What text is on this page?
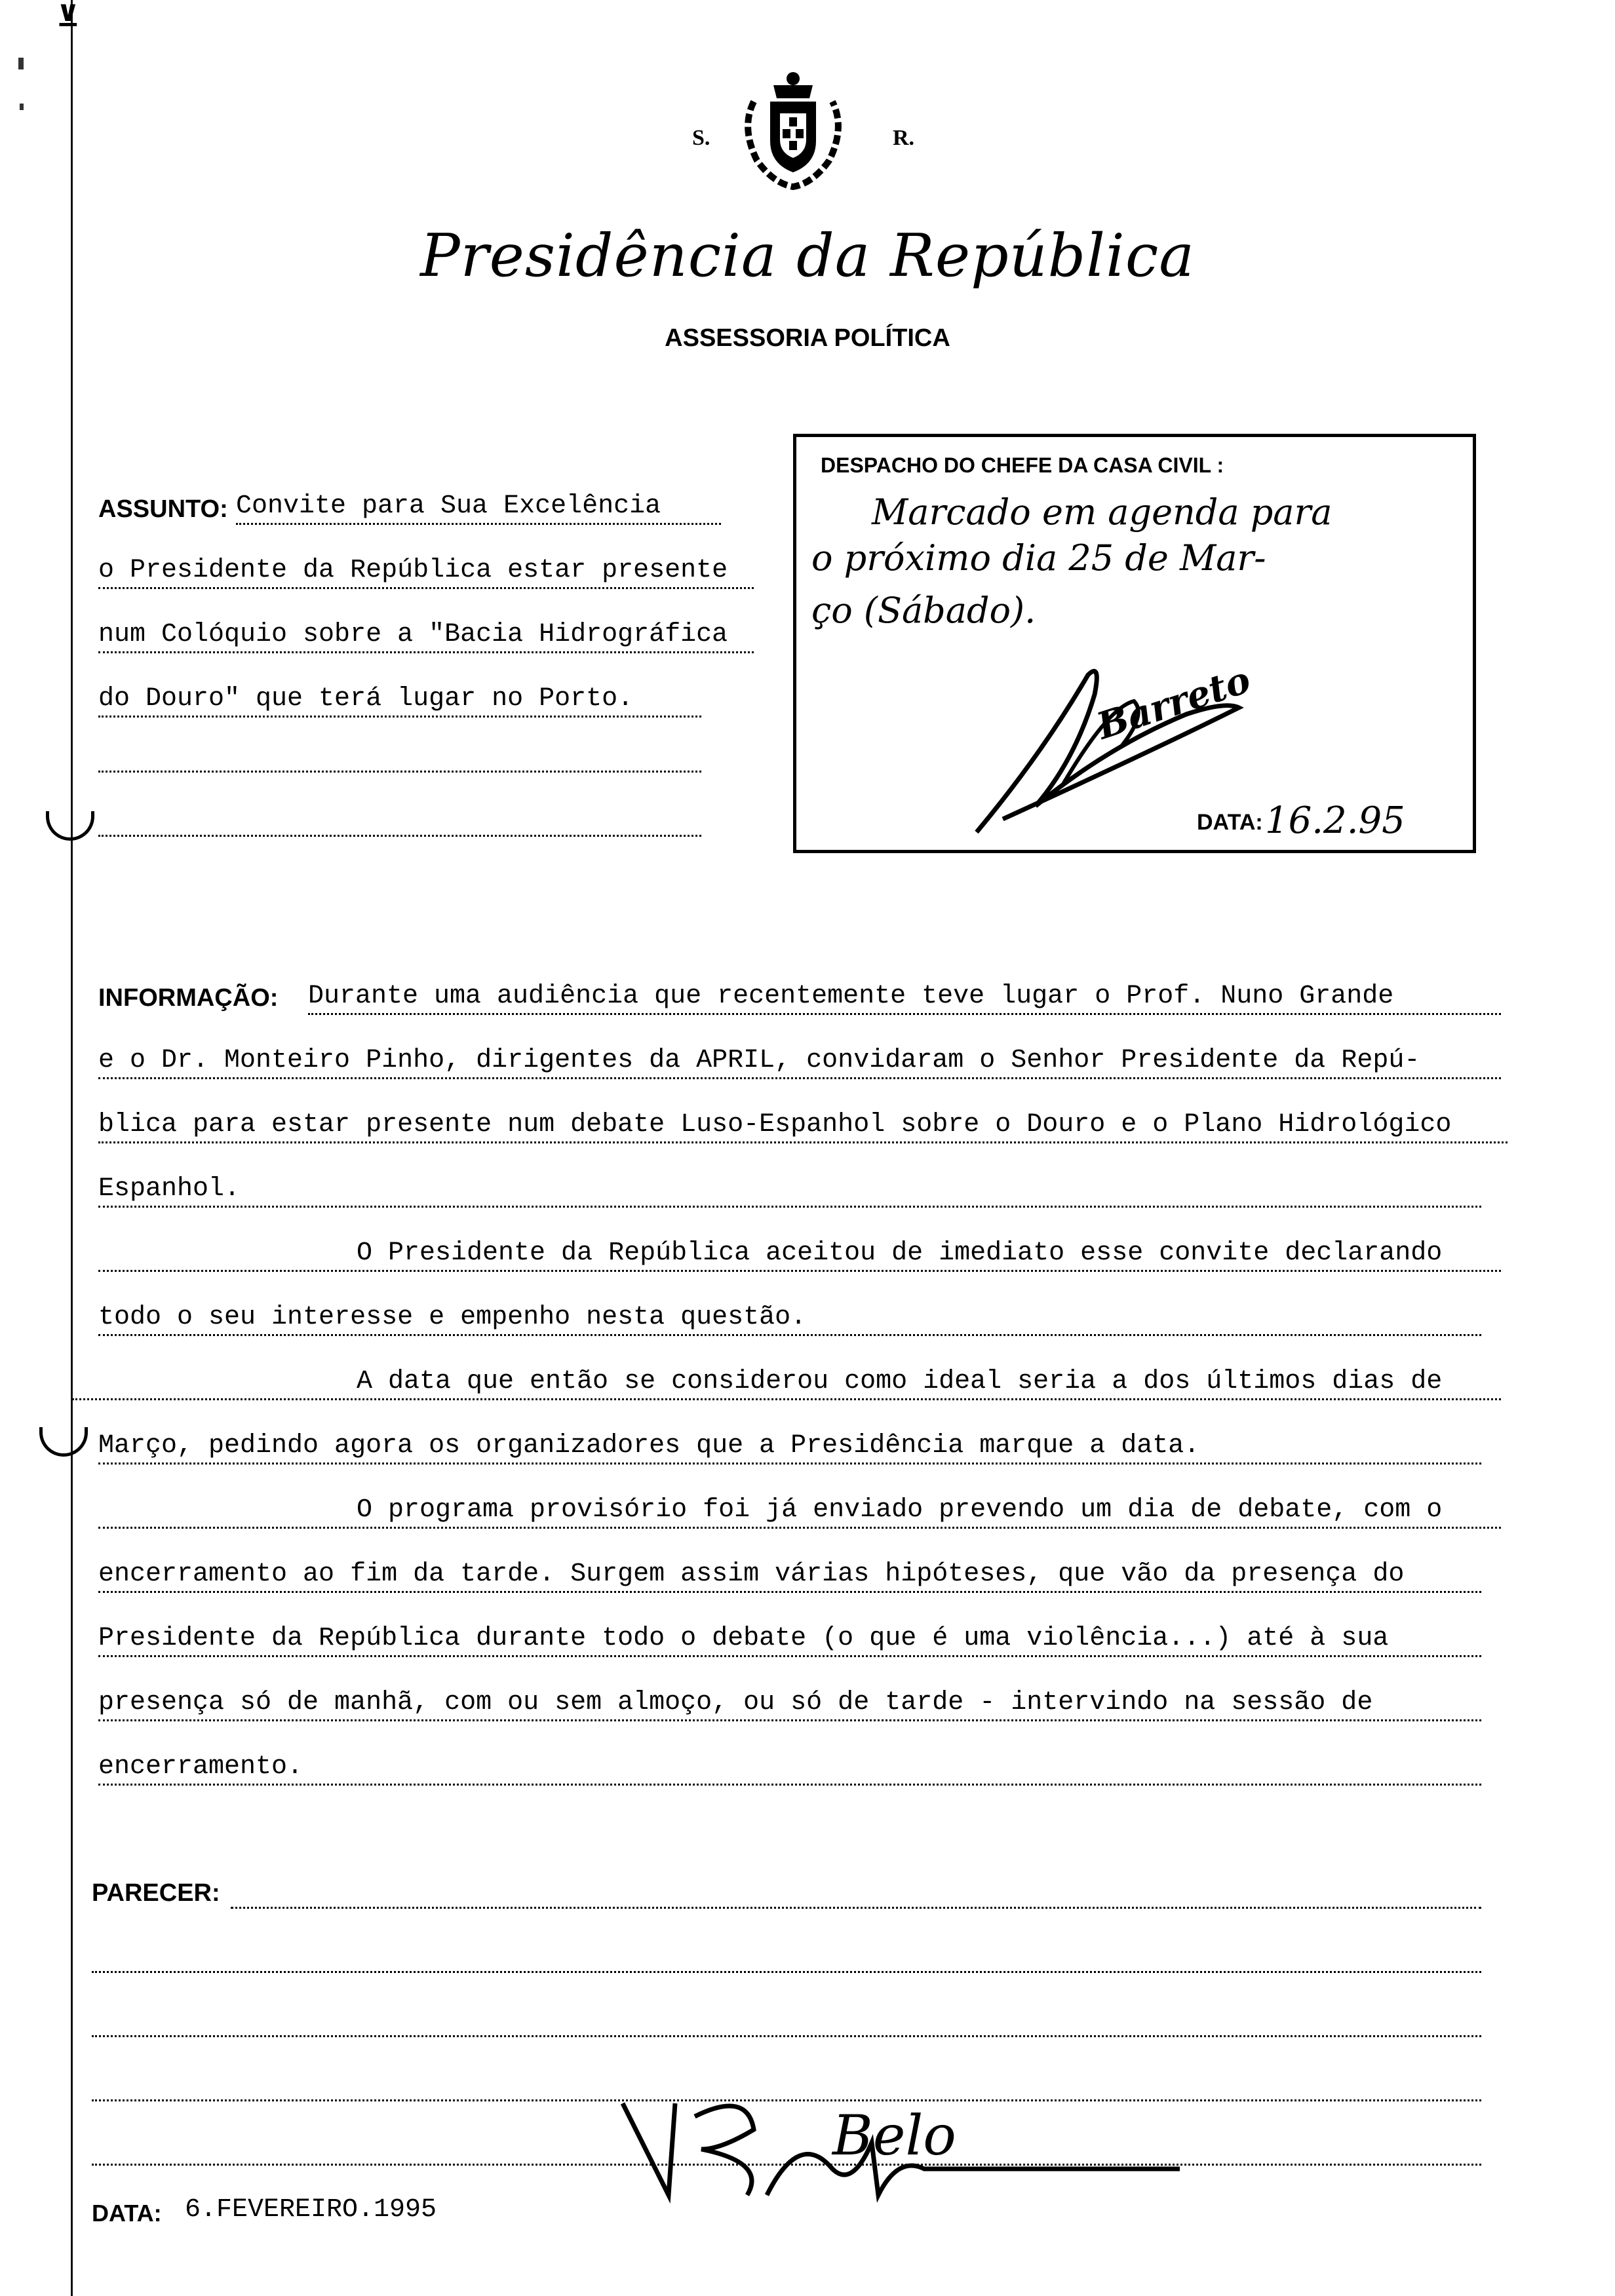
⊻
S.	R.
Presidência da República
ASSESSORIA POLÍTICA
DESPACHO DO CHEFE DA CASA CIVIL :
Marcado em agenda para
o próximo dia 25 de Mar-
ço (Sábado).
Barreto
DATA: 16.2.95
ASSUNTO: Convite para Sua Excelência
o Presidente da República estar presente
num Colóquio sobre a "Bacia Hidrográfica
do Douro" que terá lugar no Porto.
INFORMAÇÃO: Durante uma audiência que recentemente teve lugar o Prof. Nuno Grande
e o Dr. Monteiro Pinho, dirigentes da APRIL, convidaram o Senhor Presidente da Repú-
blica para estar presente num debate Luso-Espanhol sobre o Douro e o Plano Hidrológico
Espanhol.
O Presidente da República aceitou de imediato esse convite declarando
todo o seu interesse e empenho nesta questão.
A data que então se considerou como ideal seria a dos últimos dias de
Março, pedindo agora os organizadores que a Presidência marque a data.
O programa provisório foi já enviado prevendo um dia de debate, com o
encerramento ao fim da tarde. Surgem assim várias hipóteses, que vão da presença do
Presidente da República durante todo o debate (o que é uma violência...) até à sua
presença só de manhã, com ou sem almoço, ou só de tarde - intervindo na sessão de
encerramento.
PARECER:
Belo
DATA: 6.FEVEREIRO.1995
